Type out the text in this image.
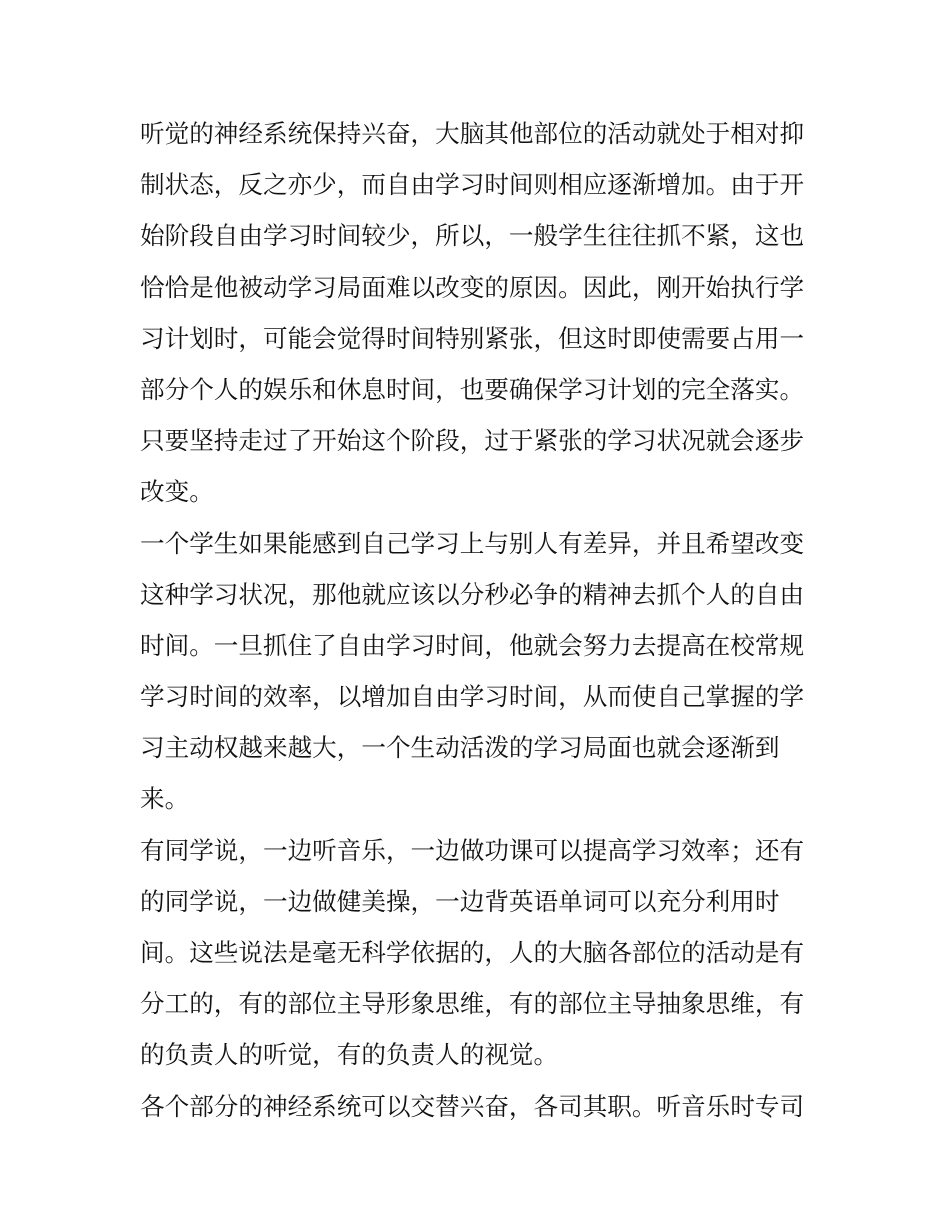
听觉的神经系统保持兴奋，大脑其他部位的活动就处于相对抑
制状态，反之亦少，而自由学习时间则相应逐渐增加。由于开
始阶段自由学习时间较少，所以，一般学生往往抓不紧，这也
恰恰是他被动学习局面难以改变的原因。因此，刚开始执行学
习计划时，可能会觉得时间特别紧张，但这时即使需要占用一
部分个人的娱乐和休息时间，也要确保学习计划的完全落实。
只要坚持走过了开始这个阶段，过于紧张的学习状况就会逐步
改变。
一个学生如果能感到自己学习上与别人有差异，并且希望改变
这种学习状况，那他就应该以分秒必争的精神去抓个人的自由
时间。一旦抓住了自由学习时间，他就会努力去提高在校常规
学习时间的效率，以增加自由学习时间，从而使自己掌握的学
习主动权越来越大，一个生动活泼的学习局面也就会逐渐到
来。
有同学说，一边听音乐，一边做功课可以提高学习效率；还有
的同学说，一边做健美操，一边背英语单词可以充分利用时
间。这些说法是毫无科学依据的，人的大脑各部位的活动是有
分工的，有的部位主导形象思维，有的部位主导抽象思维，有
的负责人的听觉，有的负责人的视觉。
各个部分的神经系统可以交替兴奋，各司其职。听音乐时专司
